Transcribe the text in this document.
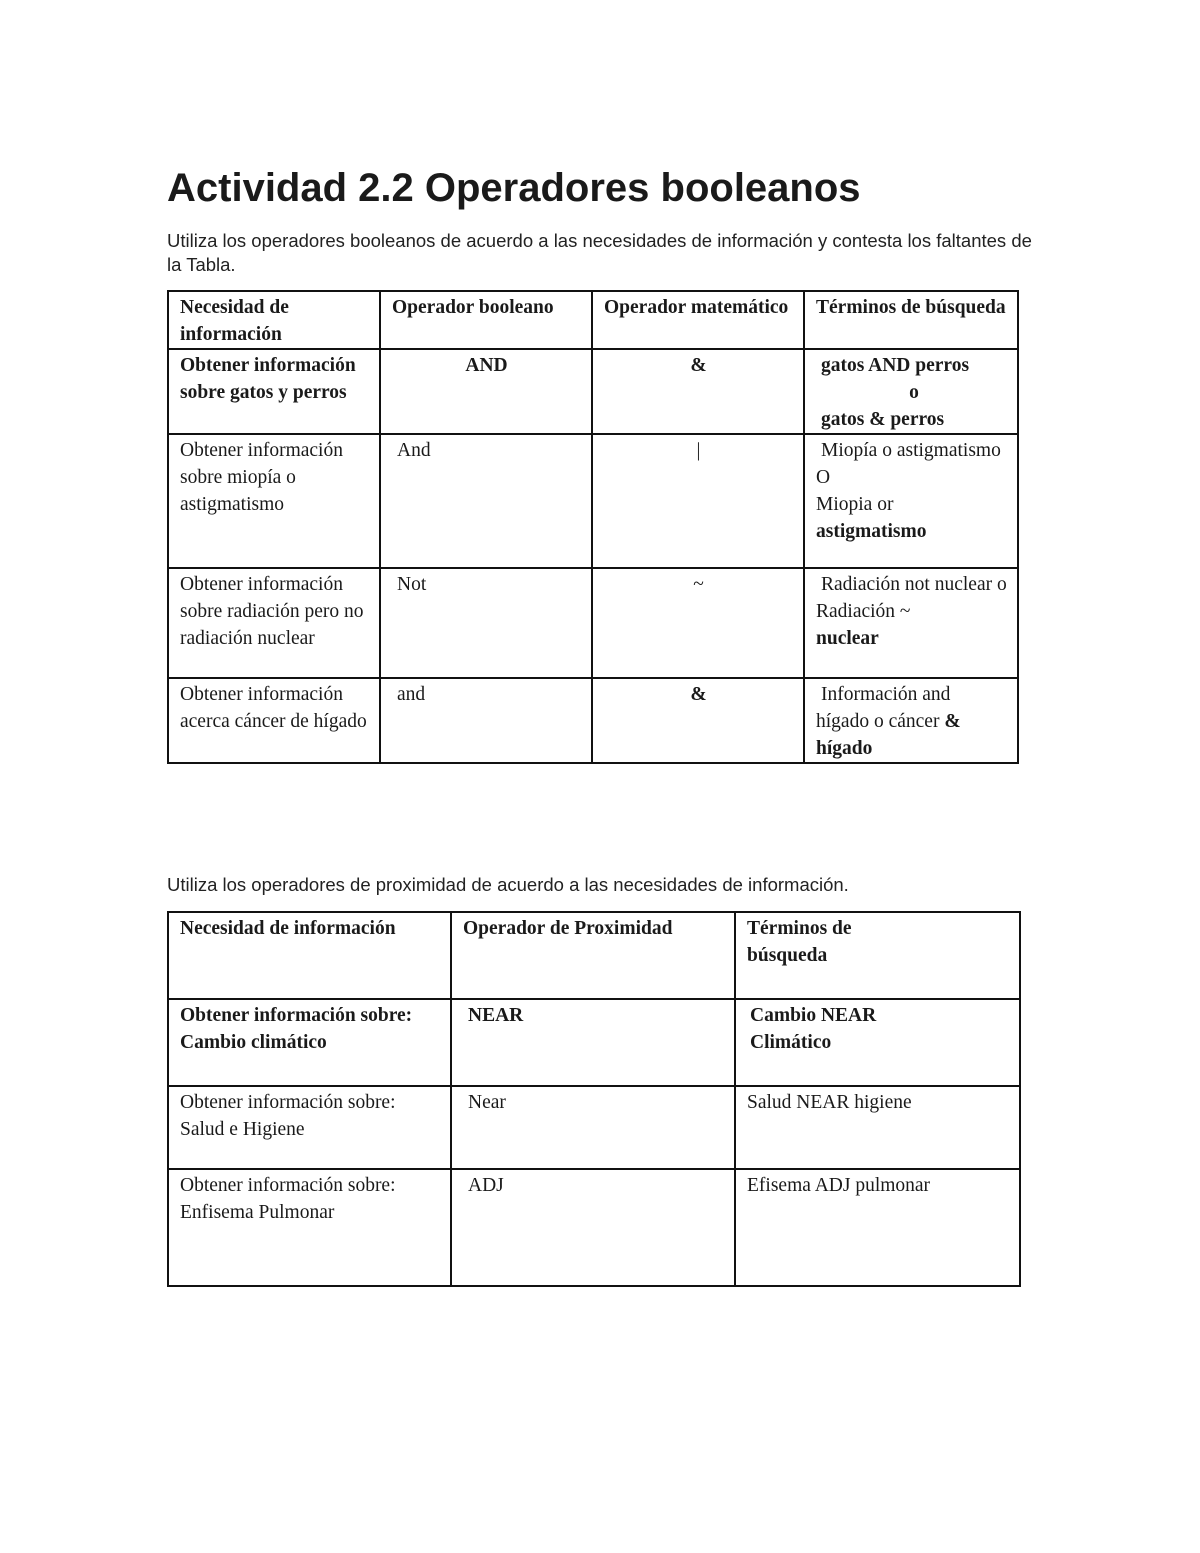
Actividad 2.2 Operadores booleanos

Utiliza los operadores booleanos de acuerdo a las necesidades de información y contesta los faltantes de la Tabla.

Necesidad de información	Operador booleano	Operador matemático	Términos de búsqueda
Obtener información sobre gatos y perros	AND	&	gatos AND perros
o
gatos & perros

Obtener información sobre miopía o astigmatismo	And	|	Miopía o astigmatismo
O
Miopia or
astigmatismo

Obtener información sobre radiación pero no radiación nuclear	Not	~	Radiación not nuclear o
Radiación ~
nuclear

Obtener información acerca cáncer de hígado	and	&	Información and hígado o cáncer & hígado

Utiliza los operadores de proximidad de acuerdo a las necesidades de información.

Necesidad de información	Operador de Proximidad	Términos de búsqueda

Obtener información sobre:
Cambio climático	NEAR	Cambio NEAR Climático

Obtener información sobre:
Salud e Higiene	Near	Salud NEAR higiene

Obtener información sobre:
Enfisema Pulmonar	ADJ	Efisema ADJ pulmonar
